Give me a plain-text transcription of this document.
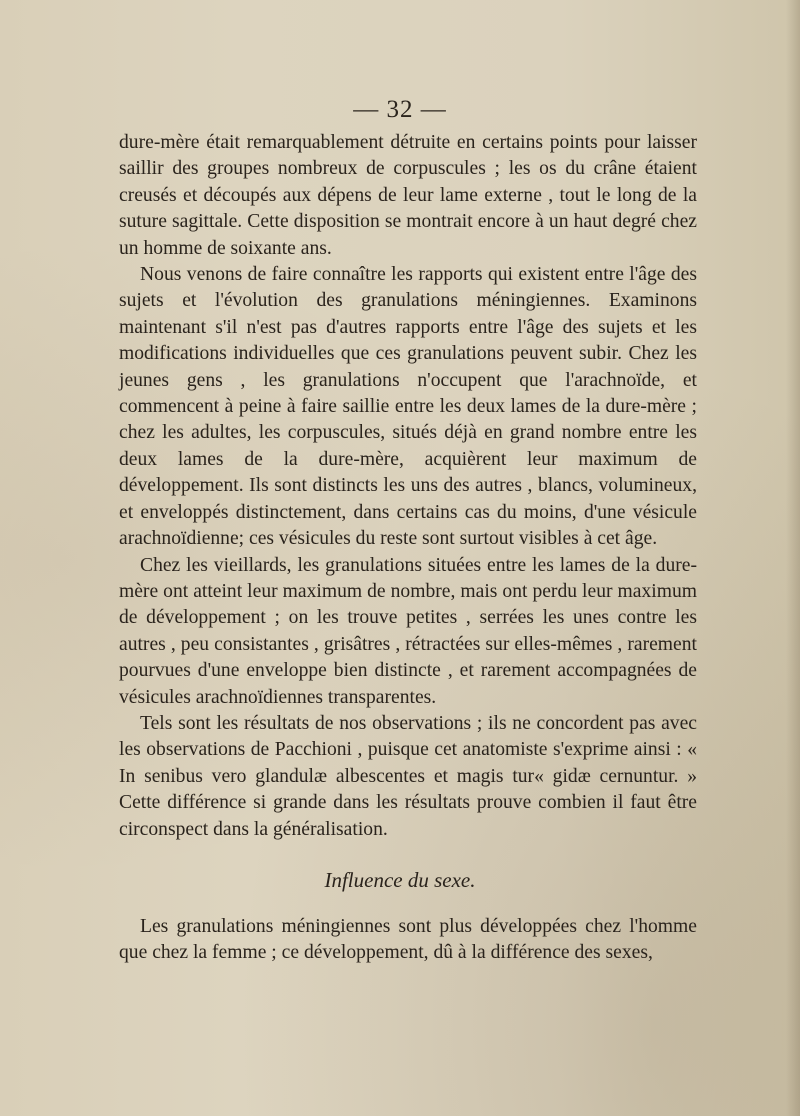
— 32 —

dure-mère était remarquablement détruite en certains points pour laisser saillir des groupes nombreux de corpuscules ; les os du crâne étaient creusés et découpés aux dépens de leur lame externe , tout le long de la suture sagittale. Cette disposition se montrait encore à un haut degré chez un homme de soixante ans.

Nous venons de faire connaître les rapports qui existent entre l'âge des sujets et l'évolution des granulations méningiennes. Examinons maintenant s'il n'est pas d'autres rapports entre l'âge des sujets et les modifications individuelles que ces granulations peuvent subir. Chez les jeunes gens , les granulations n'occupent que l'arachnoïde, et commencent à peine à faire saillie entre les deux lames de la dure-mère ; chez les adultes, les corpuscules, situés déjà en grand nombre entre les deux lames de la dure-mère, acquièrent leur maximum de développement. Ils sont distincts les uns des autres , blancs, volumineux, et enveloppés distinctement, dans certains cas du moins, d'une vésicule arachnoïdienne; ces vésicules du reste sont surtout visibles à cet âge.

Chez les vieillards, les granulations situées entre les lames de la dure-mère ont atteint leur maximum de nombre, mais ont perdu leur maximum de développement ; on les trouve petites , serrées les unes contre les autres , peu consistantes , grisâtres , rétractées sur elles-mêmes , rarement pourvues d'une enveloppe bien distincte , et rarement accompagnées de vésicules arachnoïdiennes transparentes.

Tels sont les résultats de nos observations ; ils ne concordent pas avec les observations de Pacchioni , puisque cet anatomiste s'exprime ainsi : « In senibus vero glandulæ albescentes et magis tur« gidæ cernuntur. » Cette différence si grande dans les résultats prouve combien il faut être circonspect dans la généralisation.

Influence du sexe.

Les granulations méningiennes sont plus développées chez l'homme que chez la femme ; ce développement, dû à la différence des sexes,
